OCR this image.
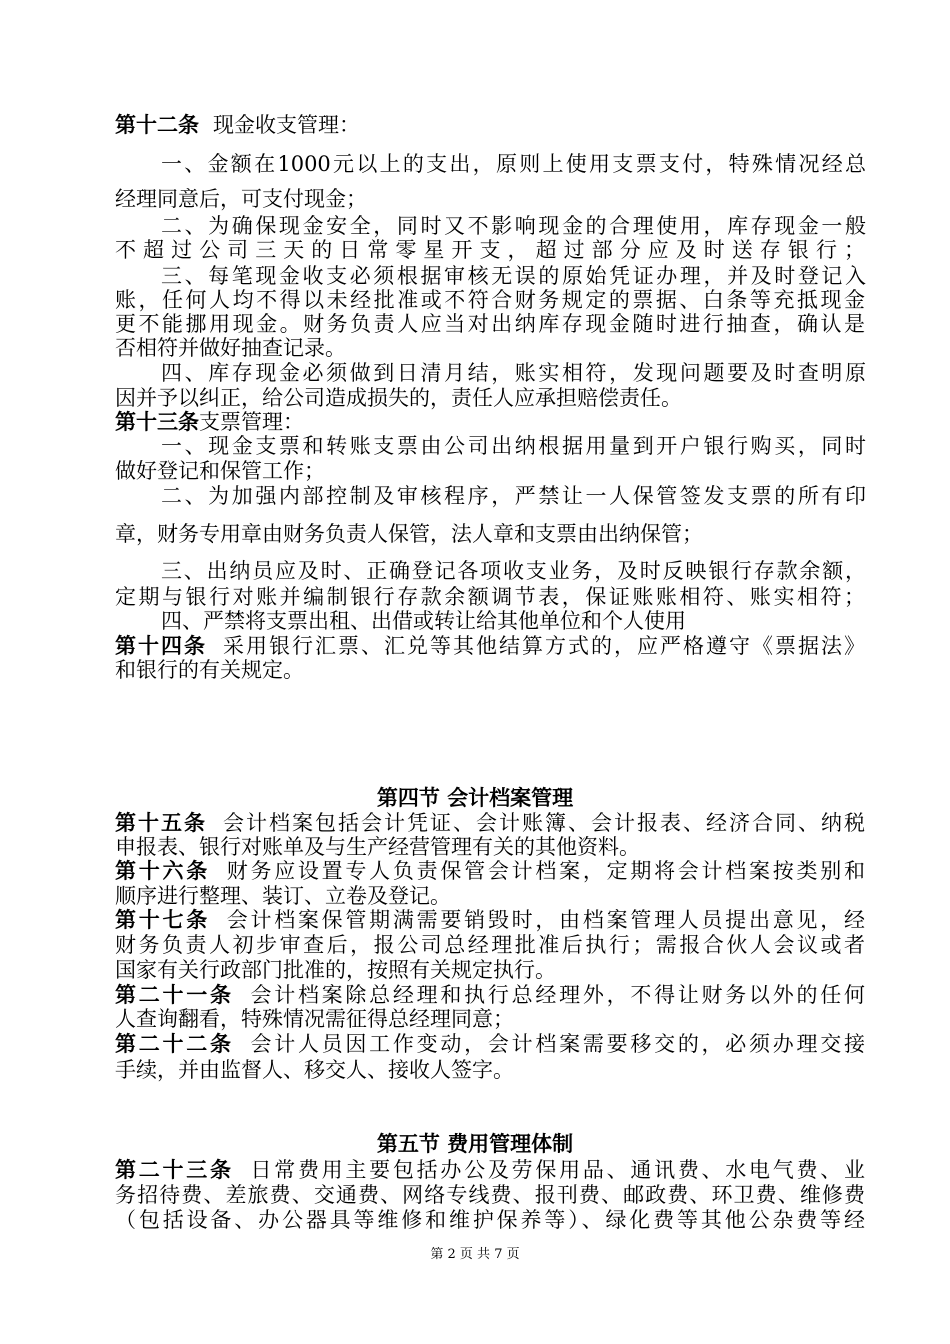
第十二条 现金收支管理：
一、金额在1000元以上的支出，原则上使用支票支付，特殊情况经总
经理同意后，可支付现金；
二、为确保现金安全，同时又不影响现金的合理使用，库存现金一般
不超过公司三天的日常零星开支，超过部分应及时送存银行；
三、每笔现金收支必须根据审核无误的原始凭证办理，并及时登记入
账，任何人均不得以未经批准或不符合财务规定的票据、白条等充抵现金
更不能挪用现金。财务负责人应当对出纳库存现金随时进行抽查，确认是
否相符并做好抽查记录。
四、库存现金必须做到日清月结，账实相符，发现问题要及时查明原
因并予以纠正，给公司造成损失的，责任人应承担赔偿责任。
第十三条支票管理：
一、现金支票和转账支票由公司出纳根据用量到开户银行购买，同时
做好登记和保管工作；
二、为加强内部控制及审核程序，严禁让一人保管签发支票的所有印
章，财务专用章由财务负责人保管，法人章和支票由出纳保管；
三、出纳员应及时、正确登记各项收支业务，及时反映银行存款余额，
定期与银行对账并编制银行存款余额调节表，保证账账相符、账实相符；
四、严禁将支票出租、出借或转让给其他单位和个人使用
第十四条 采用银行汇票、汇兑等其他结算方式的，应严格遵守《票据法》
和银行的有关规定。
第四节 会计档案管理
第十五条 会计档案包括会计凭证、会计账簿、会计报表、经济合同、纳税
申报表、银行对账单及与生产经营管理有关的其他资料。
第十六条 财务应设置专人负责保管会计档案，定期将会计档案按类别和
顺序进行整理、装订、立卷及登记。
第十七条 会计档案保管期满需要销毁时，由档案管理人员提出意见，经
财务负责人初步审查后，报公司总经理批准后执行；需报合伙人会议或者
国家有关行政部门批准的，按照有关规定执行。
第二十一条 会计档案除总经理和执行总经理外，不得让财务以外的任何
人查询翻看，特殊情况需征得总经理同意；
第二十二条 会计人员因工作变动，会计档案需要移交的，必须办理交接
手续，并由监督人、移交人、接收人签字。
第五节 费用管理体制
第二十三条 日常费用主要包括办公及劳保用品、通讯费、水电气费、业
务招待费、差旅费、交通费、网络专线费、报刊费、邮政费、环卫费、维修费
（包括设备、办公器具等维修和维护保养等）、绿化费等其他公杂费等经
第 2 页 共 7 页
